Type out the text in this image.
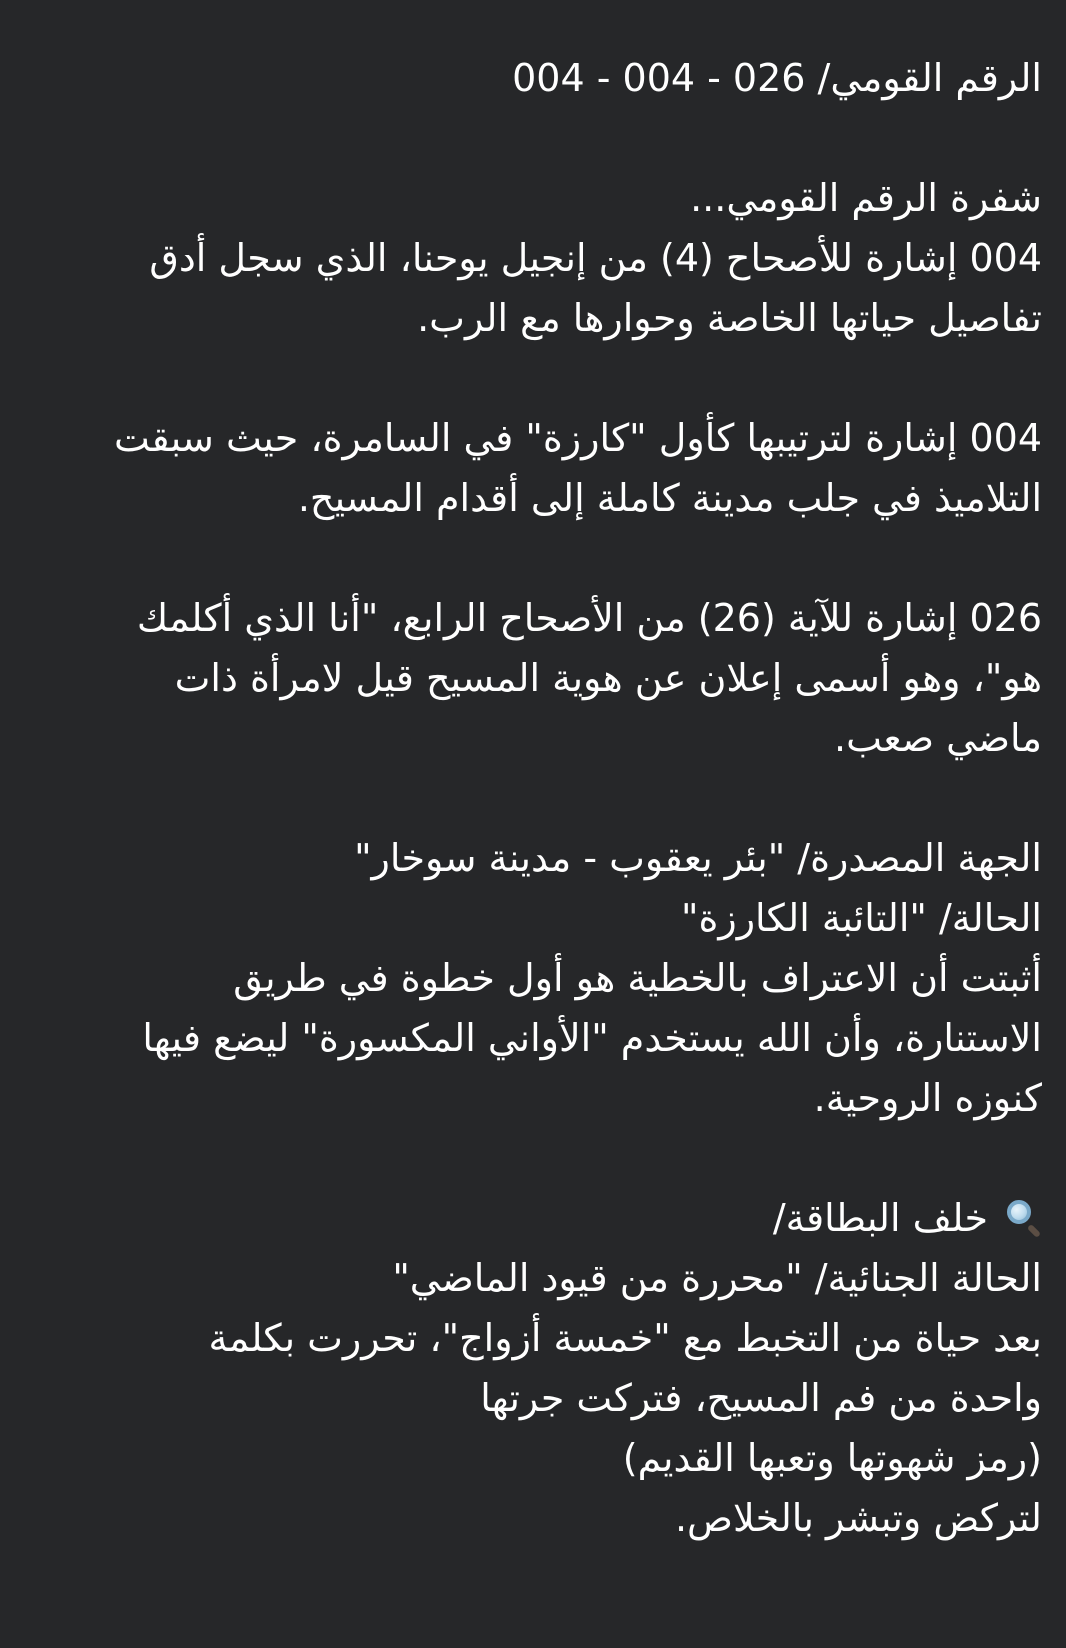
الرقم القومي/ 026 - 004 - 004
شفرة الرقم القومي...
004 إشارة للأصحاح (4) من إنجيل يوحنا، الذي سجل أدق
تفاصيل حياتها الخاصة وحوارها مع الرب.
004 إشارة لترتيبها كأول "كارزة" في السامرة، حيث سبقت
التلاميذ في جلب مدينة كاملة إلى أقدام المسيح.
026 إشارة للآية (26) من الأصحاح الرابع، "أنا الذي أكلمك
هو"، وهو أسمى إعلان عن هوية المسيح قيل لامرأة ذات
ماضي صعب.
الجهة المصدرة/ "بئر يعقوب - مدينة سوخار"
الحالة/ "التائبة الكارزة"
أثبتت أن الاعتراف بالخطية هو أول خطوة في طريق
الاستنارة، وأن الله يستخدم "الأواني المكسورة" ليضع فيها
كنوزه الروحية.
خلف البطاقة/
الحالة الجنائية/ "محررة من قيود الماضي"
بعد حياة من التخبط مع "خمسة أزواج"، تحررت بكلمة
واحدة من فم المسيح، فتركت جرتها
(رمز شهوتها وتعبها القديم)
لتركض وتبشر بالخلاص.
